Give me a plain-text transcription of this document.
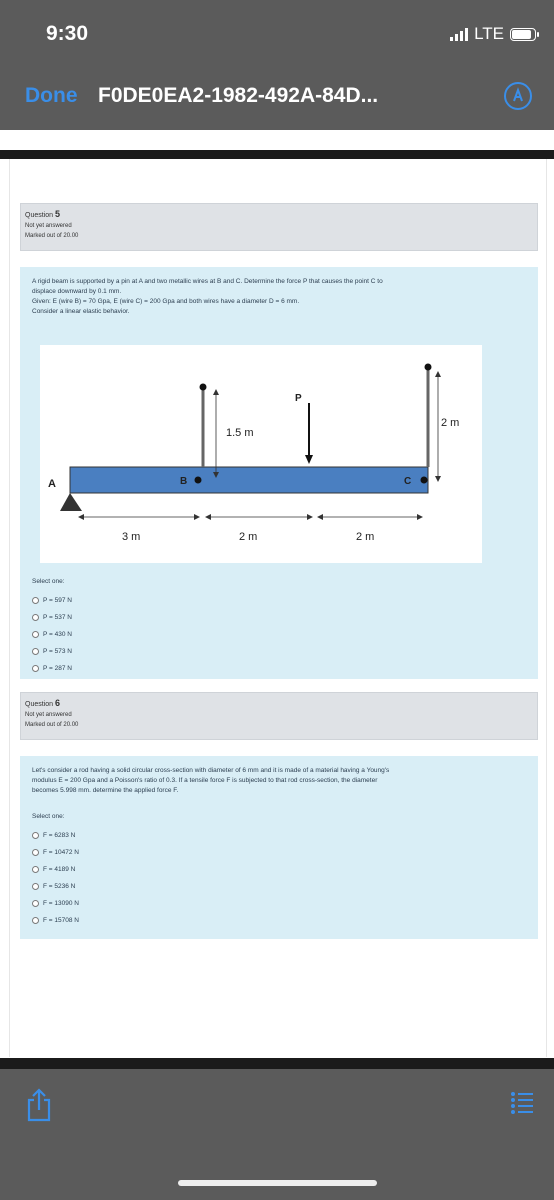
9:30	LTE
Done F0DE0EA2-1982-492A-84D...
Question 5
Not yet answered
Marked out of 20.00
A rigid beam is supported by a pin at A and two metallic wires at B and C. Determine the force P that causes the point C to
displace downward by 0.1 mm.
Given: E (wire B) = 70 Gpa, E (wire C) = 200 Gpa and both wires have a diameter D = 6 mm.
Consider a linear elastic behavior.
A	B
1.5 m
P
C
2 m
3 m	2 m	2 m
Select one:
P = 597 N
P = 537 N
P = 430 N
P = 573 N
P = 287 N
Question 6
Not yet answered
Marked out of 20.00
Let's consider a rod having a solid circular cross-section with diameter of 6 mm and it is made of a material having a Young's
modulus E = 200 Gpa and a Poisson's ratio of 0.3. If a tensile force F is subjected to that rod cross-section, the diameter
becomes 5.998 mm. determine the applied force F.
Select one:
F = 6283 N
F = 10472 N
F = 4189 N
F = 5236 N
F = 13090 N
F = 15708 N
